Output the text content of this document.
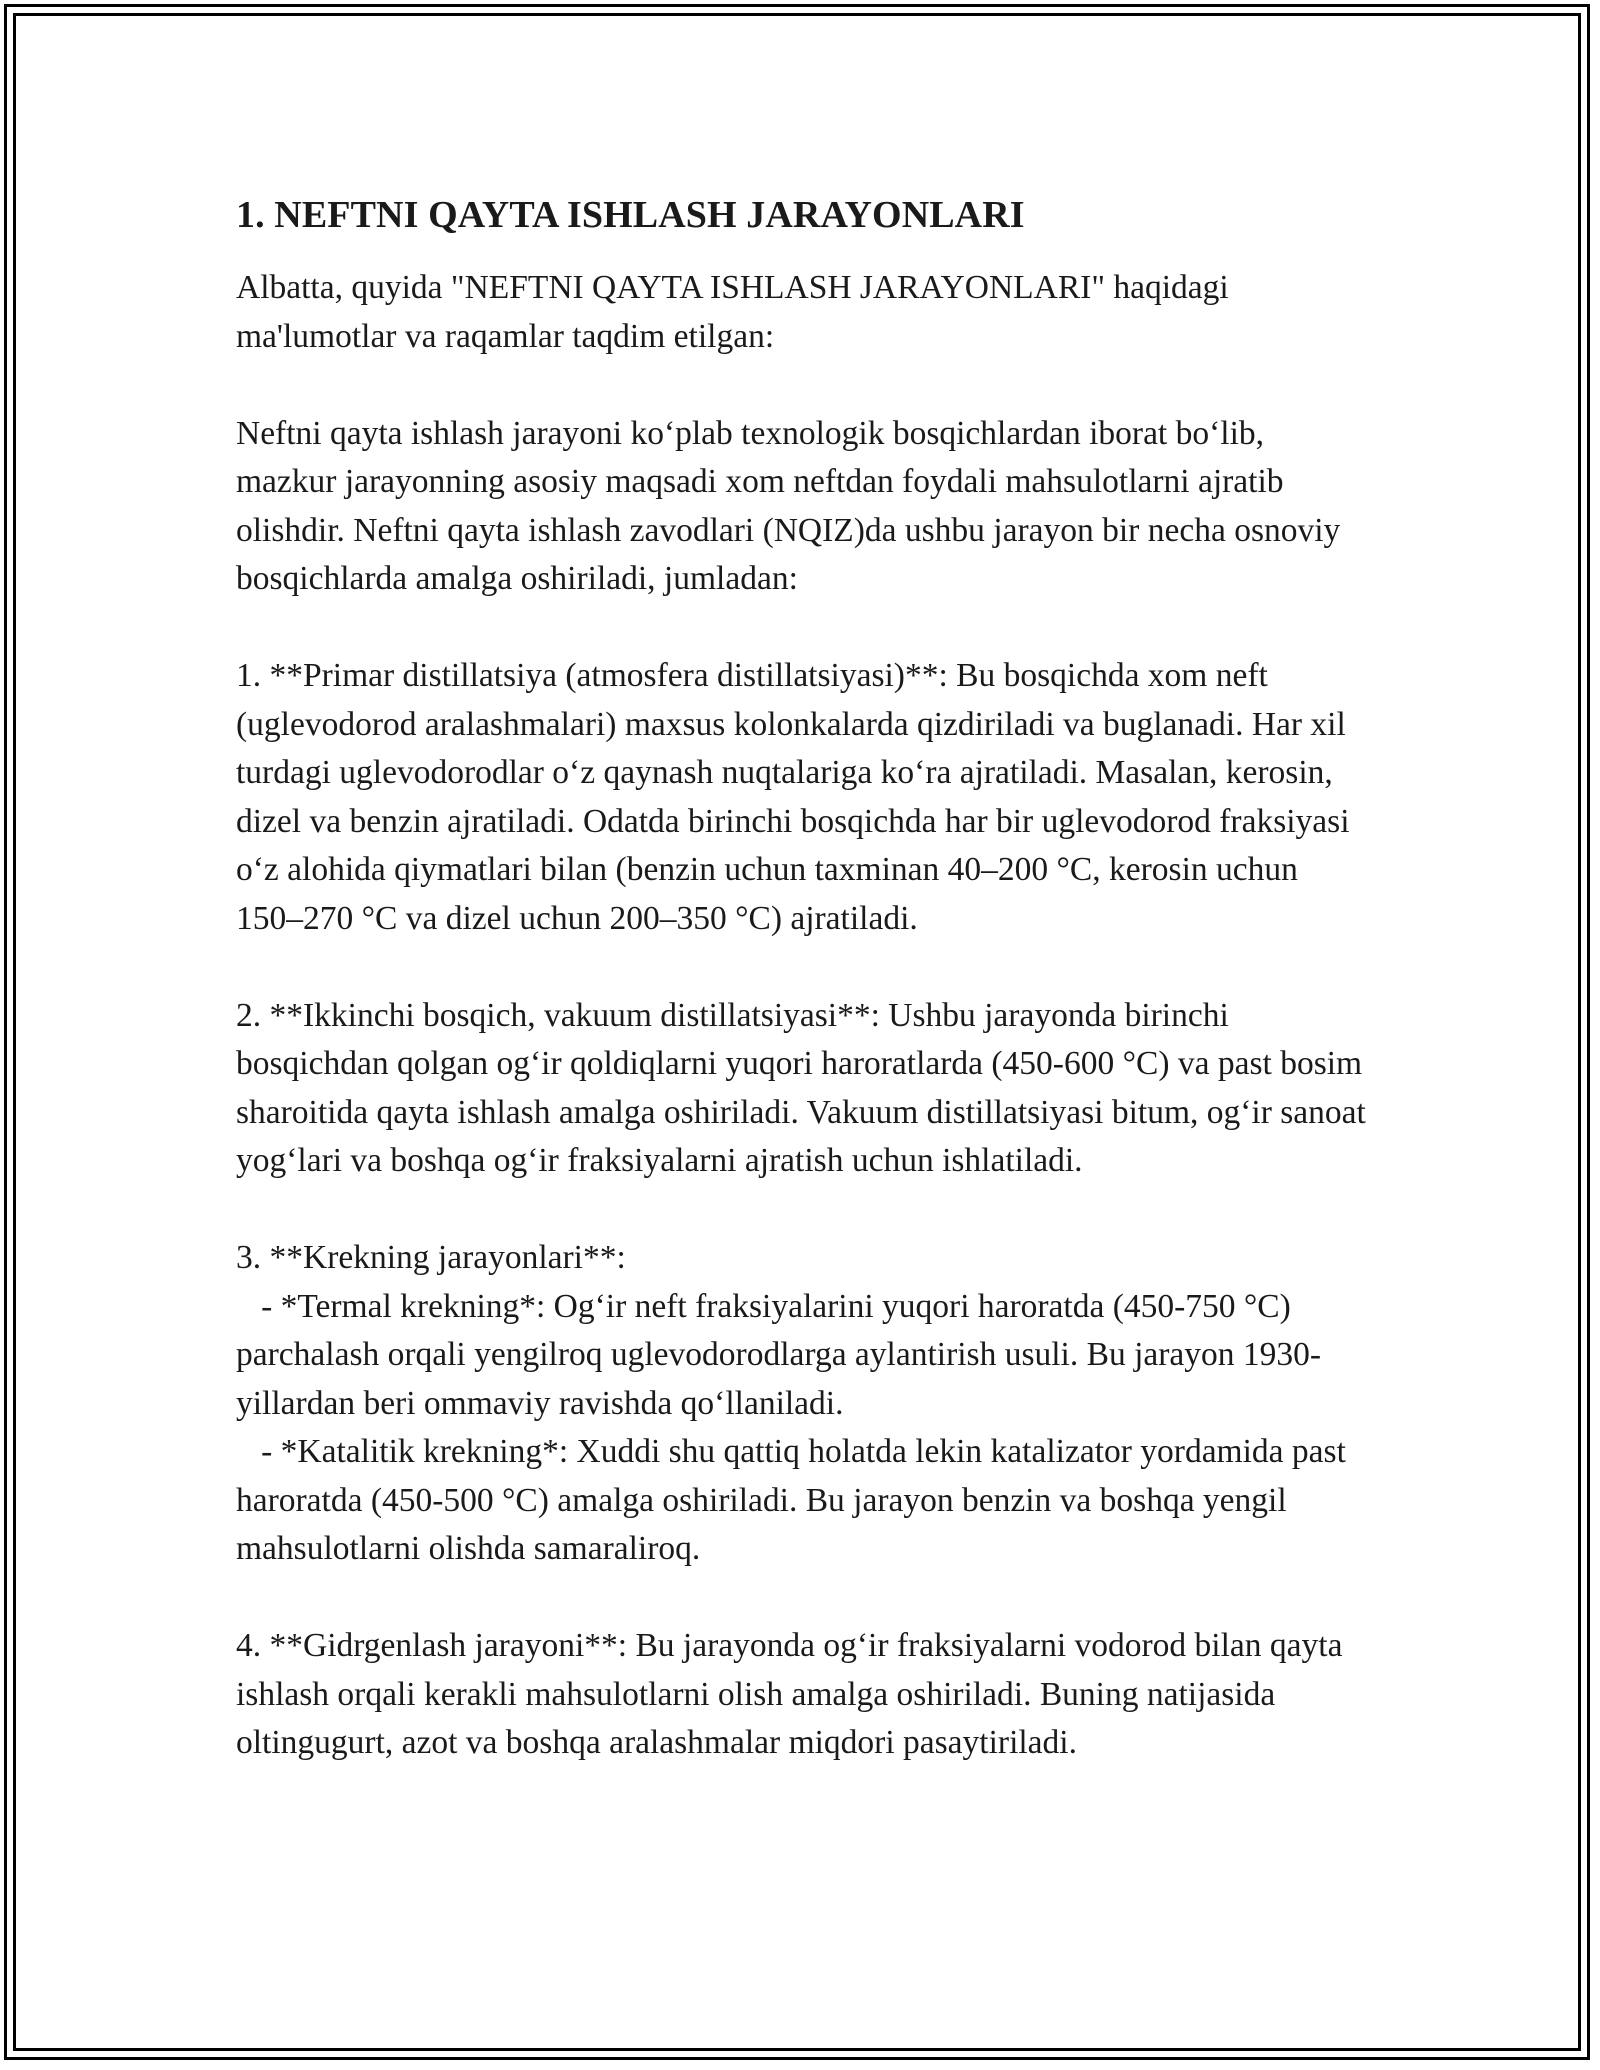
1. NEFTNI QAYTA ISHLASH JARAYONLARI

Albatta, quyida "NEFTNI QAYTA ISHLASH JARAYONLARI" haqidagi ma'lumotlar va raqamlar taqdim etilgan:

Neftni qayta ishlash jarayoni ko‘plab texnologik bosqichlardan iborat bo‘lib, mazkur jarayonning asosiy maqsadi xom neftdan foydali mahsulotlarni ajratib olishdir. Neftni qayta ishlash zavodlari (NQIZ)da ushbu jarayon bir necha osnoviy bosqichlarda amalga oshiriladi, jumladan:

1. **Primar distillatsiya (atmosfera distillatsiyasi)**: Bu bosqichda xom neft (uglevodorod aralashmalari) maxsus kolonkalarda qizdiriladi va buglanadi. Har xil turdagi uglevodorodlar o‘z qaynash nuqtalariga ko‘ra ajratiladi. Masalan, kerosin, dizel va benzin ajratiladi. Odatda birinchi bosqichda har bir uglevodorod fraksiyasi o‘z alohida qiymatlari bilan (benzin uchun taxminan 40–200 °C, kerosin uchun 150–270 °C va dizel uchun 200–350 °C) ajratiladi.

2. **Ikkinchi bosqich, vakuum distillatsiyasi**: Ushbu jarayonda birinchi bosqichdan qolgan og‘ir qoldiqlarni yuqori haroratlarda (450-600 °C) va past bosim sharoitida qayta ishlash amalga oshiriladi. Vakuum distillatsiyasi bitum, og‘ir sanoat yog‘lari va boshqa og‘ir fraksiyalarni ajratish uchun ishlatiladi.

3. **Krekning jarayonlari**:

- *Termal krekning*: Og‘ir neft fraksiyalarini yuqori haroratda (450-750 °C) parchalash orqali yengilroq uglevodorodlarga aylantirish usuli. Bu jarayon 1930-yillardan beri ommaviy ravishda qo‘llaniladi.

- *Katalitik krekning*: Xuddi shu qattiq holatda lekin katalizator yordamida past haroratda (450-500 °C) amalga oshiriladi. Bu jarayon benzin va boshqa yengil mahsulotlarni olishda samaraliroq.

4. **Gidrgenlash jarayoni**: Bu jarayonda og‘ir fraksiyalarni vodorod bilan qayta ishlash orqali kerakli mahsulotlarni olish amalga oshiriladi. Buning natijasida oltingugurt, azot va boshqa aralashmalar miqdori pasaytiriladi.
